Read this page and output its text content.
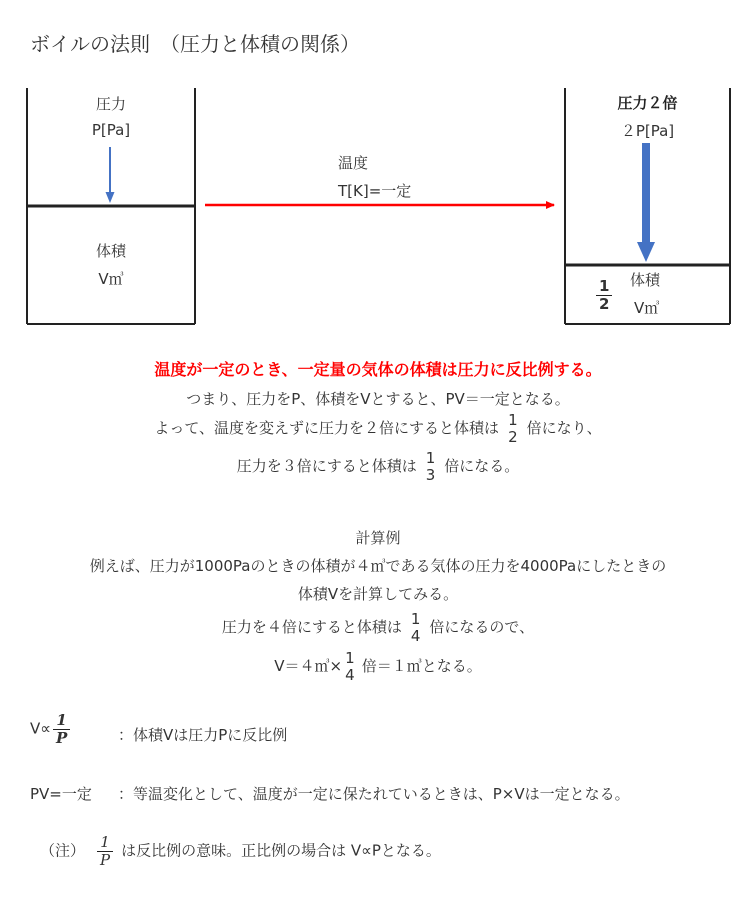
ボイルの法則　（圧力と体積の関係）
圧力
P[Pa]
体積
V㎥
温度
T[K]=一定
圧力２倍
２P[Pa]
体積
$\frac{1}{2}$ V㎥
温度が一定のとき、一定量の気体の体積は圧力に反比例する。
つまり、圧力をP、体積をVとすると、PV＝一定となる。
よって、温度を変えずに圧力を２倍にすると体積は 1
2 倍になり、
圧力を３倍にすると体積は 1
3 倍になる。
計算例
例えば、圧力が1000Paのときの体積が４㎥である気体の圧力を4000Paにしたときの
体積Vを計算してみる。
圧力を４倍にすると体積は 1
4 倍になるので、
V＝４㎥× 1
4 倍＝１㎥となる。
$V\propto \frac{1}{P}$	：体積Vは圧力Pに反比例
PV=一定 ：等温変化として、温度が一定に保たれているときは、P×Vは一定となる。
（注） $\frac{1}{P}$ は反比例の意味。正比例の場合は V∝Pとなる。
